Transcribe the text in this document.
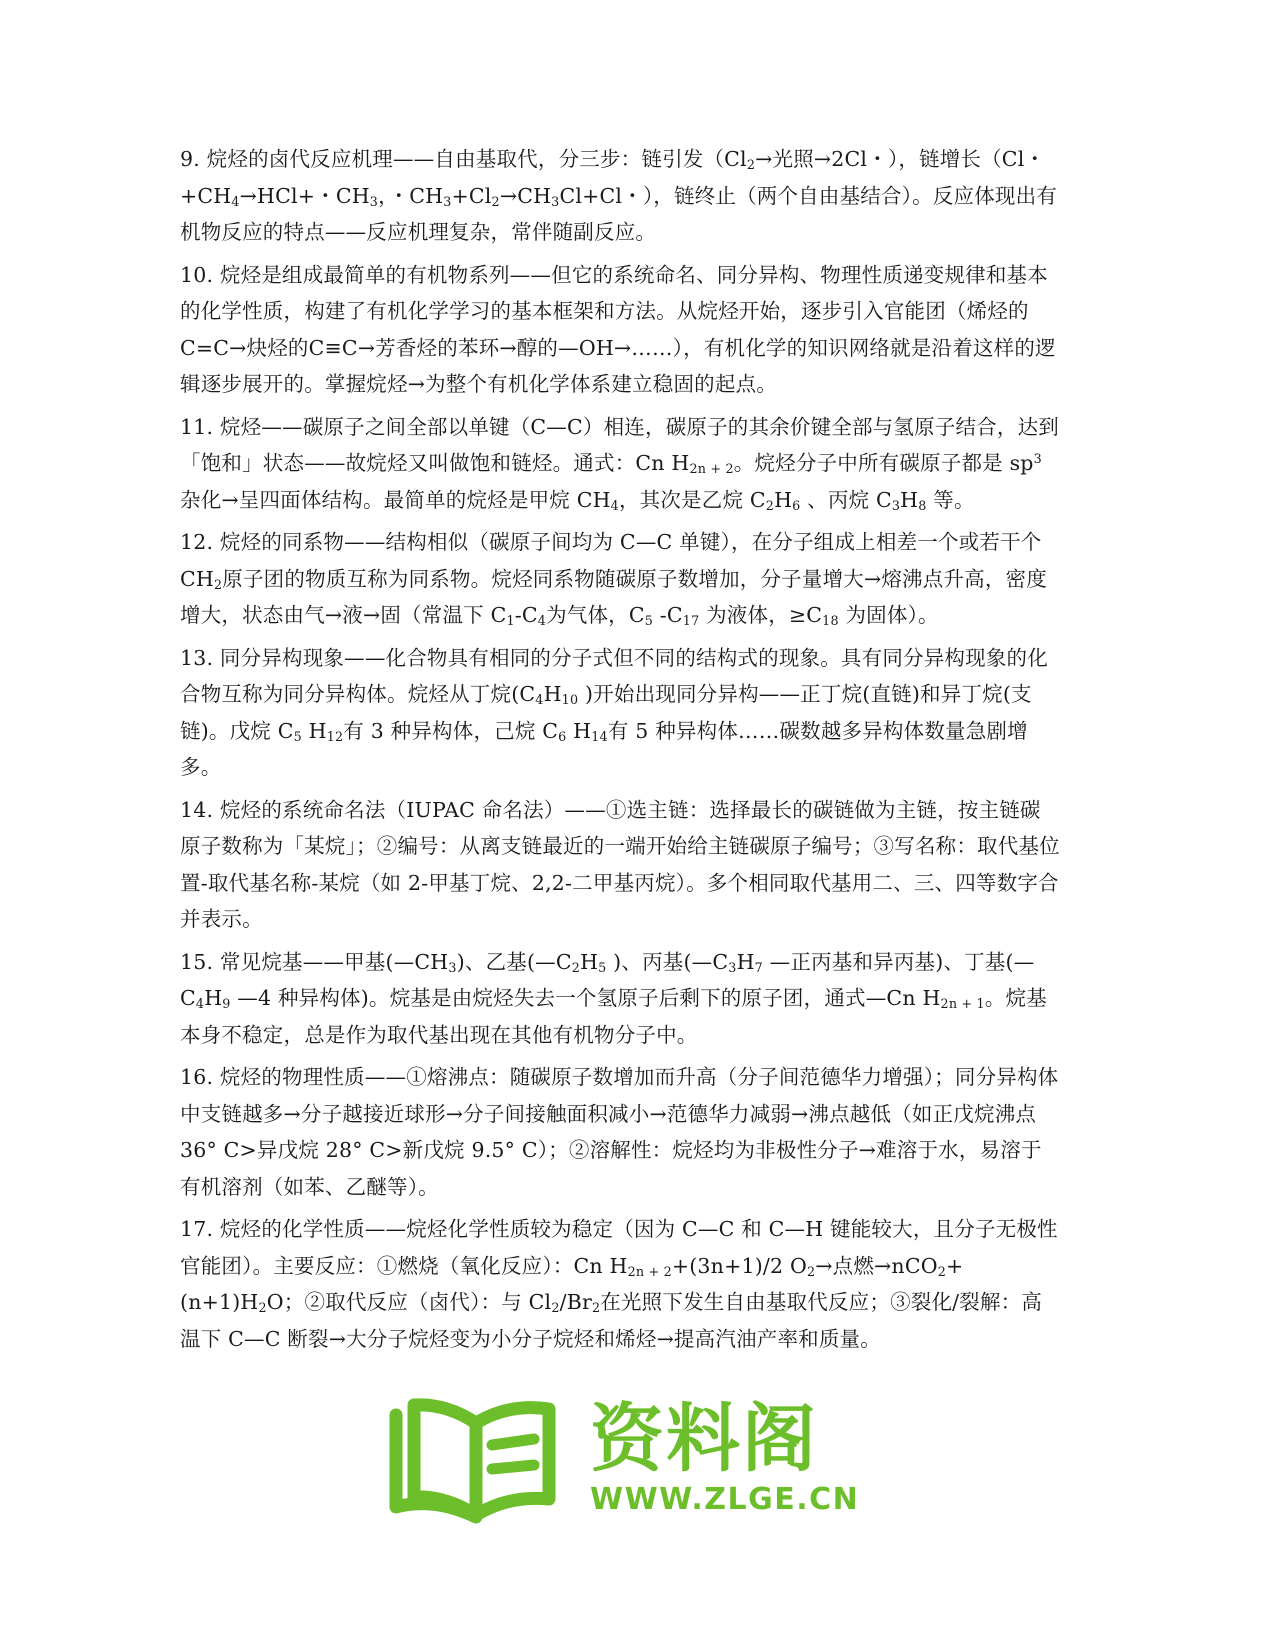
9. 烷烃的卤代反应机理——自由基取代，分三步：链引发（$Cl_2\to$光照→2Cl・），链增长（Cl・$+CH_4\to HCl+$・$CH_3$，・$CH_3+Cl_2\to CH_3Cl+Cl$・），链终止（两个自由基结合）。反应体现出有机物反应的特点——反应机理复杂，常伴随副反应。

10. 烷烃是组成最简单的有机物系列——但它的系统命名、同分异构、物理性质递变规律和基本的化学性质，构建了有机化学学习的基本框架和方法。从烷烃开始，逐步引入官能团（烯烃的C=C→炔烃的C≡C→芳香烃的苯环→醇的—OH→……），有机化学的知识网络就是沿着这样的逻辑逐步展开的。掌握烷烃→为整个有机化学体系建立稳固的起点。

11. 烷烃——碳原子之间全部以单键（C—C）相连，碳原子的其余价键全部与氢原子结合，达到「饱和」状态——故烷烃又叫做饱和链烃。通式：Cn $H_{2n + 2}$。烷烃分子中所有碳原子都是 $sp^3$ 杂化→呈四面体结构。最简单的烷烃是甲烷 $CH_4$，其次是乙烷 $C_2H_6$ 、丙烷 $C_3H_8$ 等。

12. 烷烃的同系物——结构相似（碳原子间均为 C—C 单键），在分子组成上相差一个或若干个 $CH_2$原子团的物质互称为同系物。烷烃同系物随碳原子数增加，分子量增大→熔沸点升高，密度增大，状态由气→液→固（常温下 $C_1-C_4$为气体，$C_5$ $-C_{17}$ 为液体，$\ge C_{18}$ 为固体）。

13. 同分异构现象——化合物具有相同的分子式但不同的结构式的现象。具有同分异构现象的化合物互称为同分异构体。烷烃从丁烷($C_4H_{10}$ )开始出现同分异构——正丁烷(直链)和异丁烷(支链)。戊烷 $C_5$ $H_{12}$有 3 种异构体，己烷 $C_6$ $H_{14}$有 5 种异构体……碳数越多异构体数量急剧增多。

14. 烷烃的系统命名法（IUPAC 命名法）——①选主链：选择最长的碳链做为主链，按主链碳原子数称为「某烷」；②编号：从离支链最近的一端开始给主链碳原子编号；③写名称：取代基位置-取代基名称-某烷（如 2-甲基丁烷、2,2-二甲基丙烷）。多个相同取代基用二、三、四等数字合并表示。

15. 常见烷基——甲基$(—CH_3)$、乙基($—C_2H_5$ )、丙基($—C_3H_7$ —正丙基和异丙基)、丁基($—C_4H_9$ —4 种异构体)。烷基是由烷烃失去一个氢原子后剩下的原子团，通式—Cn $H_{2n + 1}$。烷基本身不稳定，总是作为取代基出现在其他有机物分子中。

16. 烷烃的物理性质——①熔沸点：随碳原子数增加而升高（分子间范德华力增强）；同分异构体中支链越多→分子越接近球形→分子间接触面积减小→范德华力减弱→沸点越低（如正戊烷沸点 36° C>异戊烷 28° C>新戊烷 9.5° C）；②溶解性：烷烃均为非极性分子→难溶于水，易溶于有机溶剂（如苯、乙醚等）。

17. 烷烃的化学性质——烷烃化学性质较为稳定（因为 C—C 和 C—H 键能较大，且分子无极性官能团）。主要反应：①燃烧（氧化反应）：Cn $H_{2n + 2}+(3n+1)/2$ $O_2\to$点燃$\to nCO_2+(n+1)H_2O$；②取代反应（卤代）：与 $Cl_2/Br_2$在光照下发生自由基取代反应；③裂化/裂解：高温下 C—C 断裂→大分子烷烃变为小分子烷烃和烯烃→提高汽油产率和质量。

资料阁
WWW.ZLGE.CN
